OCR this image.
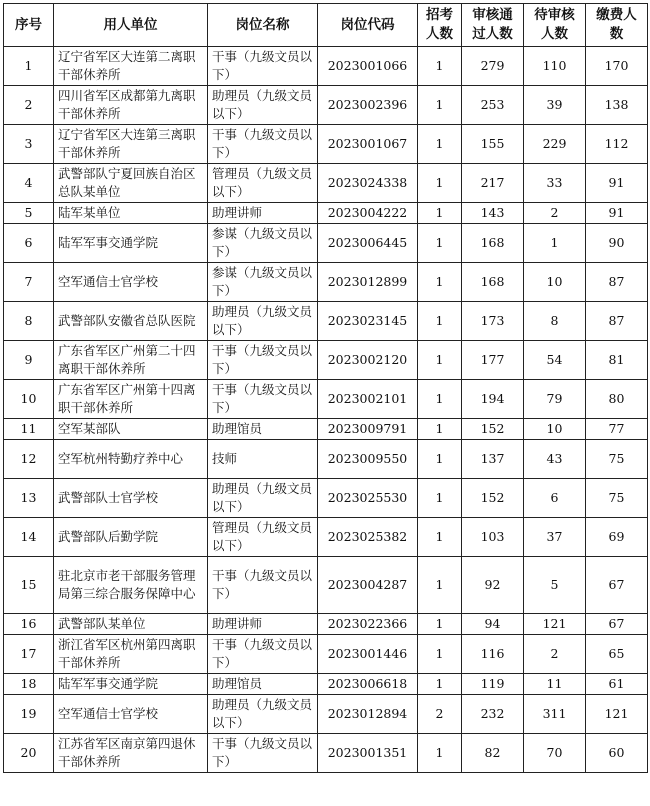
序号	用人单位	岗位名称	岗位代码	招考人数	审核通过人数	待审核人数	缴费人数
1	辽宁省军区大连第二离职干部休养所	干事（九级文员以下）	2023001066	1	279	110	170
2	四川省军区成都第九离职干部休养所	助理员（九级文员以下）	2023002396	1	253	39	138
3	辽宁省军区大连第三离职干部休养所	干事（九级文员以下）	2023001067	1	155	229	112
4	武警部队宁夏回族自治区总队某单位	管理员（九级文员以下）	2023024338	1	217	33	91
5	陆军某单位	助理讲师	2023004222	1	143	2	91
6	陆军军事交通学院	参谋（九级文员以下）	2023006445	1	168	1	90
7	空军通信士官学校	参谋（九级文员以下）	2023012899	1	168	10	87
8	武警部队安徽省总队医院	助理员（九级文员以下）	2023023145	1	173	8	87
9	广东省军区广州第二十四离职干部休养所	干事（九级文员以下）	2023002120	1	177	54	81
10	广东省军区广州第十四离职干部休养所	干事（九级文员以下）	2023002101	1	194	79	80
11	空军某部队	助理馆员	2023009791	1	152	10	77
12	空军杭州特勤疗养中心	技师	2023009550	1	137	43	75
13	武警部队士官学校	助理员（九级文员以下）	2023025530	1	152	6	75
14	武警部队后勤学院	管理员（九级文员以下）	2023025382	1	103	37	69
15	驻北京市老干部服务管理局第三综合服务保障中心	干事（九级文员以下）	2023004287	1	92	5	67
16	武警部队某单位	助理讲师	2023022366	1	94	121	67
17	浙江省军区杭州第四离职干部休养所	干事（九级文员以下）	2023001446	1	116	2	65
18	陆军军事交通学院	助理馆员	2023006618	1	119	11	61
19	空军通信士官学校	助理员（九级文员以下）	2023012894	2	232	311	121
20	江苏省军区南京第四退休干部休养所	干事（九级文员以下）	2023001351	1	82	70	60
